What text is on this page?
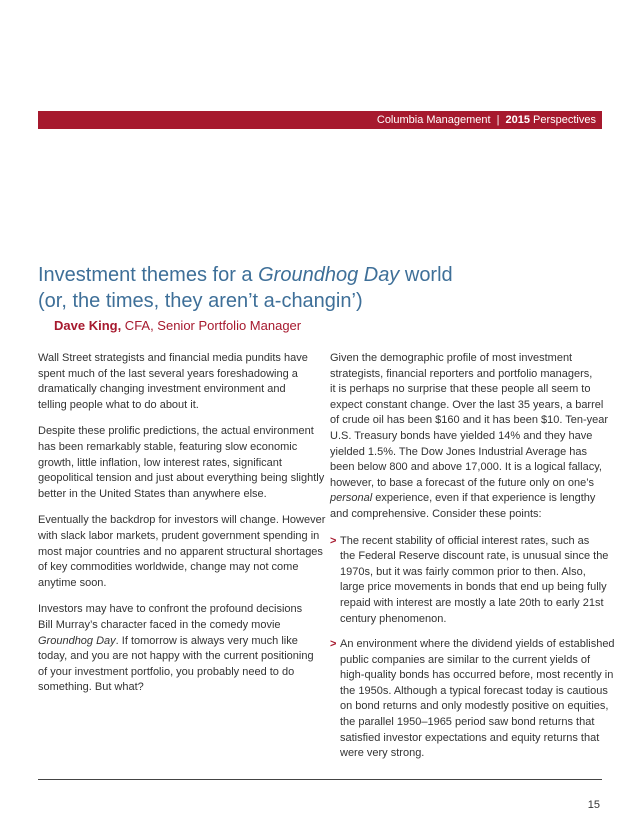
Columbia Management | 2015 Perspectives
Investment themes for a Groundhog Day world
(or, the times, they aren’t a-changin’)
Dave King, CFA, Senior Portfolio Manager

Wall Street strategists and financial media pundits have
spent much of the last several years foreshadowing a
dramatically changing investment environment and
telling people what to do about it.

Despite these prolific predictions, the actual environment
has been remarkably stable, featuring slow economic
growth, little inflation, low interest rates, significant
geopolitical tension and just about everything being slightly
better in the United States than anywhere else.

Eventually the backdrop for investors will change. However
with slack labor markets, prudent government spending in
most major countries and no apparent structural shortages
of key commodities worldwide, change may not come
anytime soon.

Investors may have to confront the profound decisions
Bill Murray’s character faced in the comedy movie
Groundhog Day. If tomorrow is always very much like
today, and you are not happy with the current positioning
of your investment portfolio, you probably need to do
something. But what?

Given the demographic profile of most investment
strategists, financial reporters and portfolio managers,
it is perhaps no surprise that these people all seem to
expect constant change. Over the last 35 years, a barrel
of crude oil has been $160 and it has been $10. Ten-year
U.S. Treasury bonds have yielded 14% and they have
yielded 1.5%. The Dow Jones Industrial Average has
been below 800 and above 17,000. It is a logical fallacy,
however, to base a forecast of the future only on one’s
personal experience, even if that experience is lengthy
and comprehensive. Consider these points:

> The recent stability of official interest rates, such as
the Federal Reserve discount rate, is unusual since the
1970s, but it was fairly common prior to then. Also,
large price movements in bonds that end up being fully
repaid with interest are mostly a late 20th to early 21st
century phenomenon.
> An environment where the dividend yields of established
public companies are similar to the current yields of
high-quality bonds has occurred before, most recently in
the 1950s. Although a typical forecast today is cautious
on bond returns and only modestly positive on equities,
the parallel 1950–1965 period saw bond returns that
satisfied investor expectations and equity returns that
were very strong.
15
